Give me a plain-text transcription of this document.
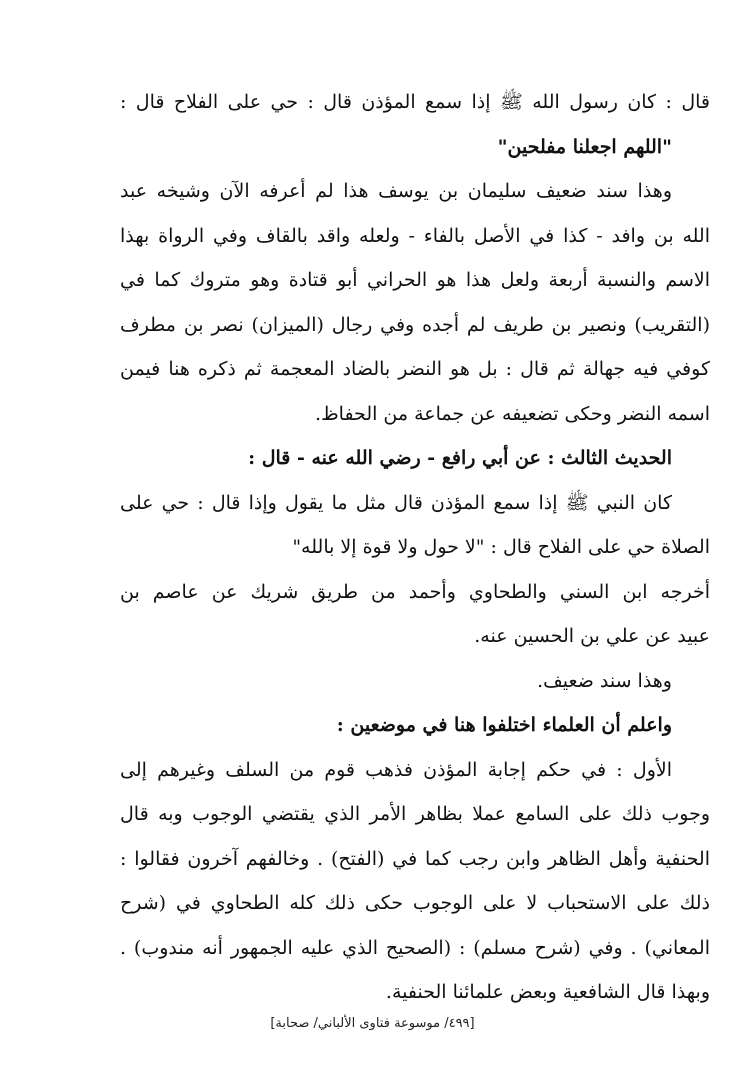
قال : كان رسول الله ﷺ إذا سمع المؤذن قال : حي على الفلاح قال :
"اللهم اجعلنا مفلحين"
وهذا سند ضعيف سليمان بن يوسف هذا لم أعرفه الآن وشيخه عبد
الله بن وافد - كذا في الأصل بالفاء - ولعله واقد بالقاف وفي الرواة بهذا
الاسم والنسبة أربعة ولعل هذا هو الحراني أبو قتادة وهو متروك كما في
(التقريب) ونصير بن طريف لم أجده وفي رجال (الميزان) نصر بن مطرف
كوفي فيه جهالة ثم قال : بل هو النضر بالضاد المعجمة ثم ذكره هنا فيمن
اسمه النضر وحكى تضعيفه عن جماعة من الحفاظ.
الحديث الثالث : عن أبي رافع - رضي الله عنه - قال :
كان النبي ﷺ إذا سمع المؤذن قال مثل ما يقول وإذا قال : حي على
الصلاة حي على الفلاح قال : "لا حول ولا قوة إلا بالله"
أخرجه ابن السني والطحاوي وأحمد من طريق شريك عن عاصم بن
عبيد عن علي بن الحسين عنه.
وهذا سند ضعيف.
واعلم أن العلماء اختلفوا هنا في موضعين :
الأول : في حكم إجابة المؤذن فذهب قوم من السلف وغيرهم إلى
وجوب ذلك على السامع عملا بظاهر الأمر الذي يقتضي الوجوب وبه قال
الحنفية وأهل الظاهر وابن رجب كما في (الفتح) . وخالفهم آخرون فقالوا :
ذلك على الاستحباب لا على الوجوب حكى ذلك كله الطحاوي في (شرح
المعاني) . وفي (شرح مسلم) : (الصحيح الذي عليه الجمهور أنه مندوب) .
وبهذا قال الشافعية وبعض علمائنا الحنفية.
[٤٩٩/ موسوعة فتاوى الألباني/ صحابة]
